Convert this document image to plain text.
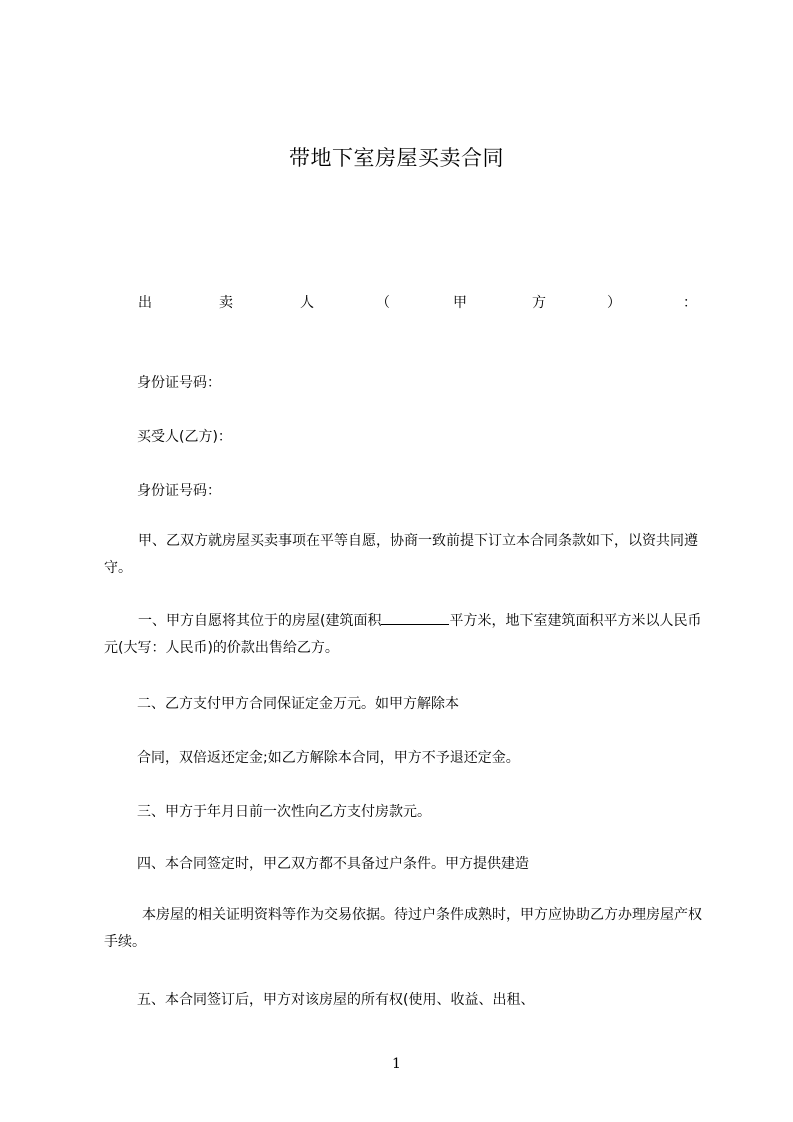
带地下室房屋买卖合同
出	卖	人	（	甲	方	）	：
身份证号码：
买受人(乙方)：
身份证号码：
甲、乙双方就房屋买卖事项在平等自愿，协商一致前提下订立本合同条款如下，以资共同遵守。
一、甲方自愿将其位于的房屋(建筑面积	平方米，地下室建筑面积平方米以人民币元(大写：人民币)的价款出售给乙方。
二、乙方支付甲方合同保证定金万元。如甲方解除本
合同，双倍返还定金;如乙方解除本合同，甲方不予退还定金。
三、甲方于年月日前一次性向乙方支付房款元。
四、本合同签定时，甲乙双方都不具备过户条件。甲方提供建造
本房屋的相关证明资料等作为交易依据。待过户条件成熟时，甲方应协助乙方办理房屋产权手续。
五、本合同签订后，甲方对该房屋的所有权(使用、收益、出租、
1
